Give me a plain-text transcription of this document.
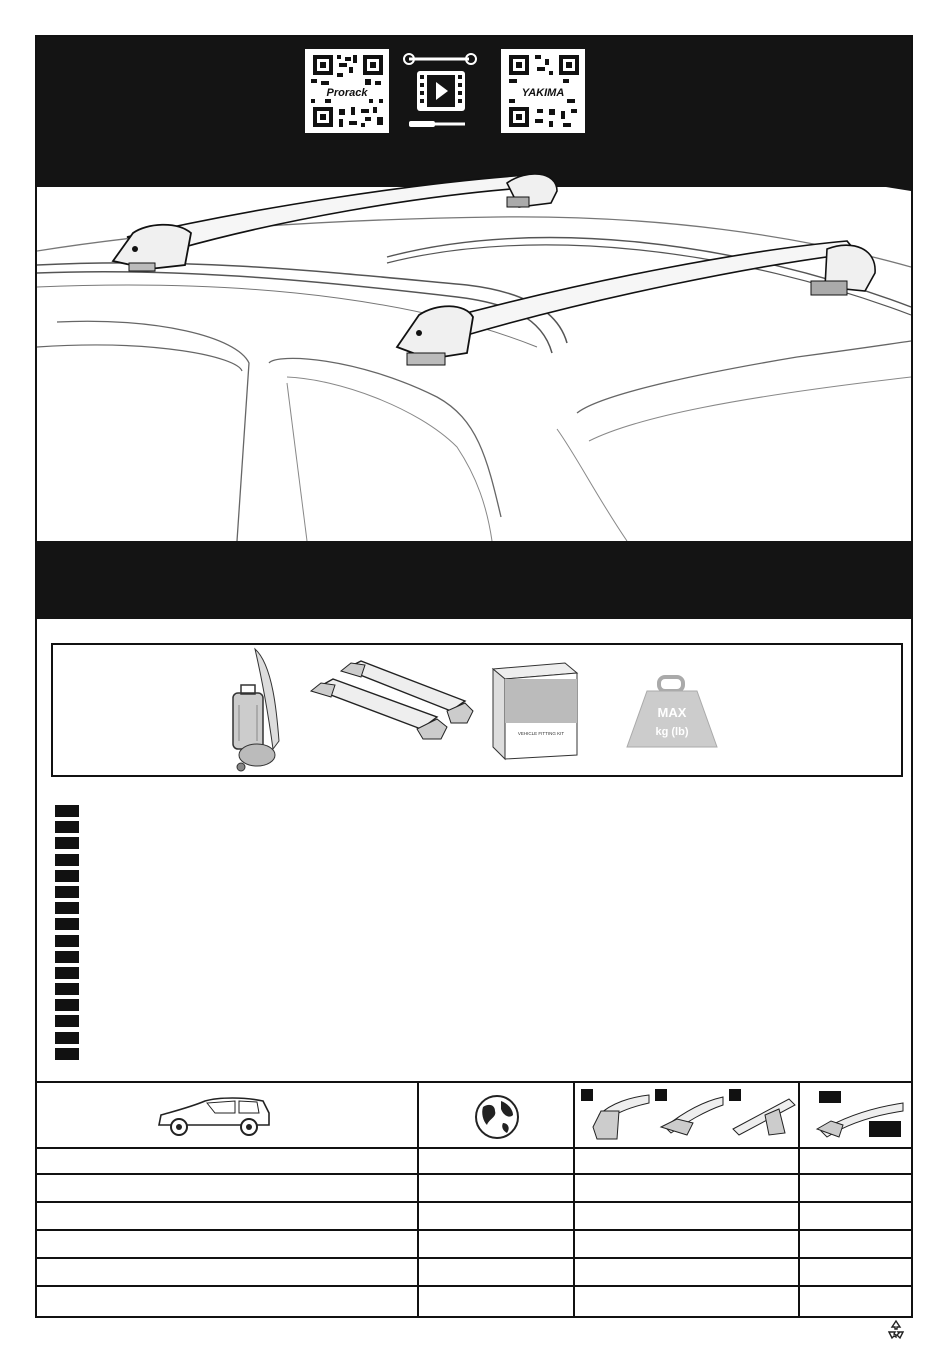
Prorack	YAKIMA
VEHICLE FITTING KIT
MAX
kg (lb)
